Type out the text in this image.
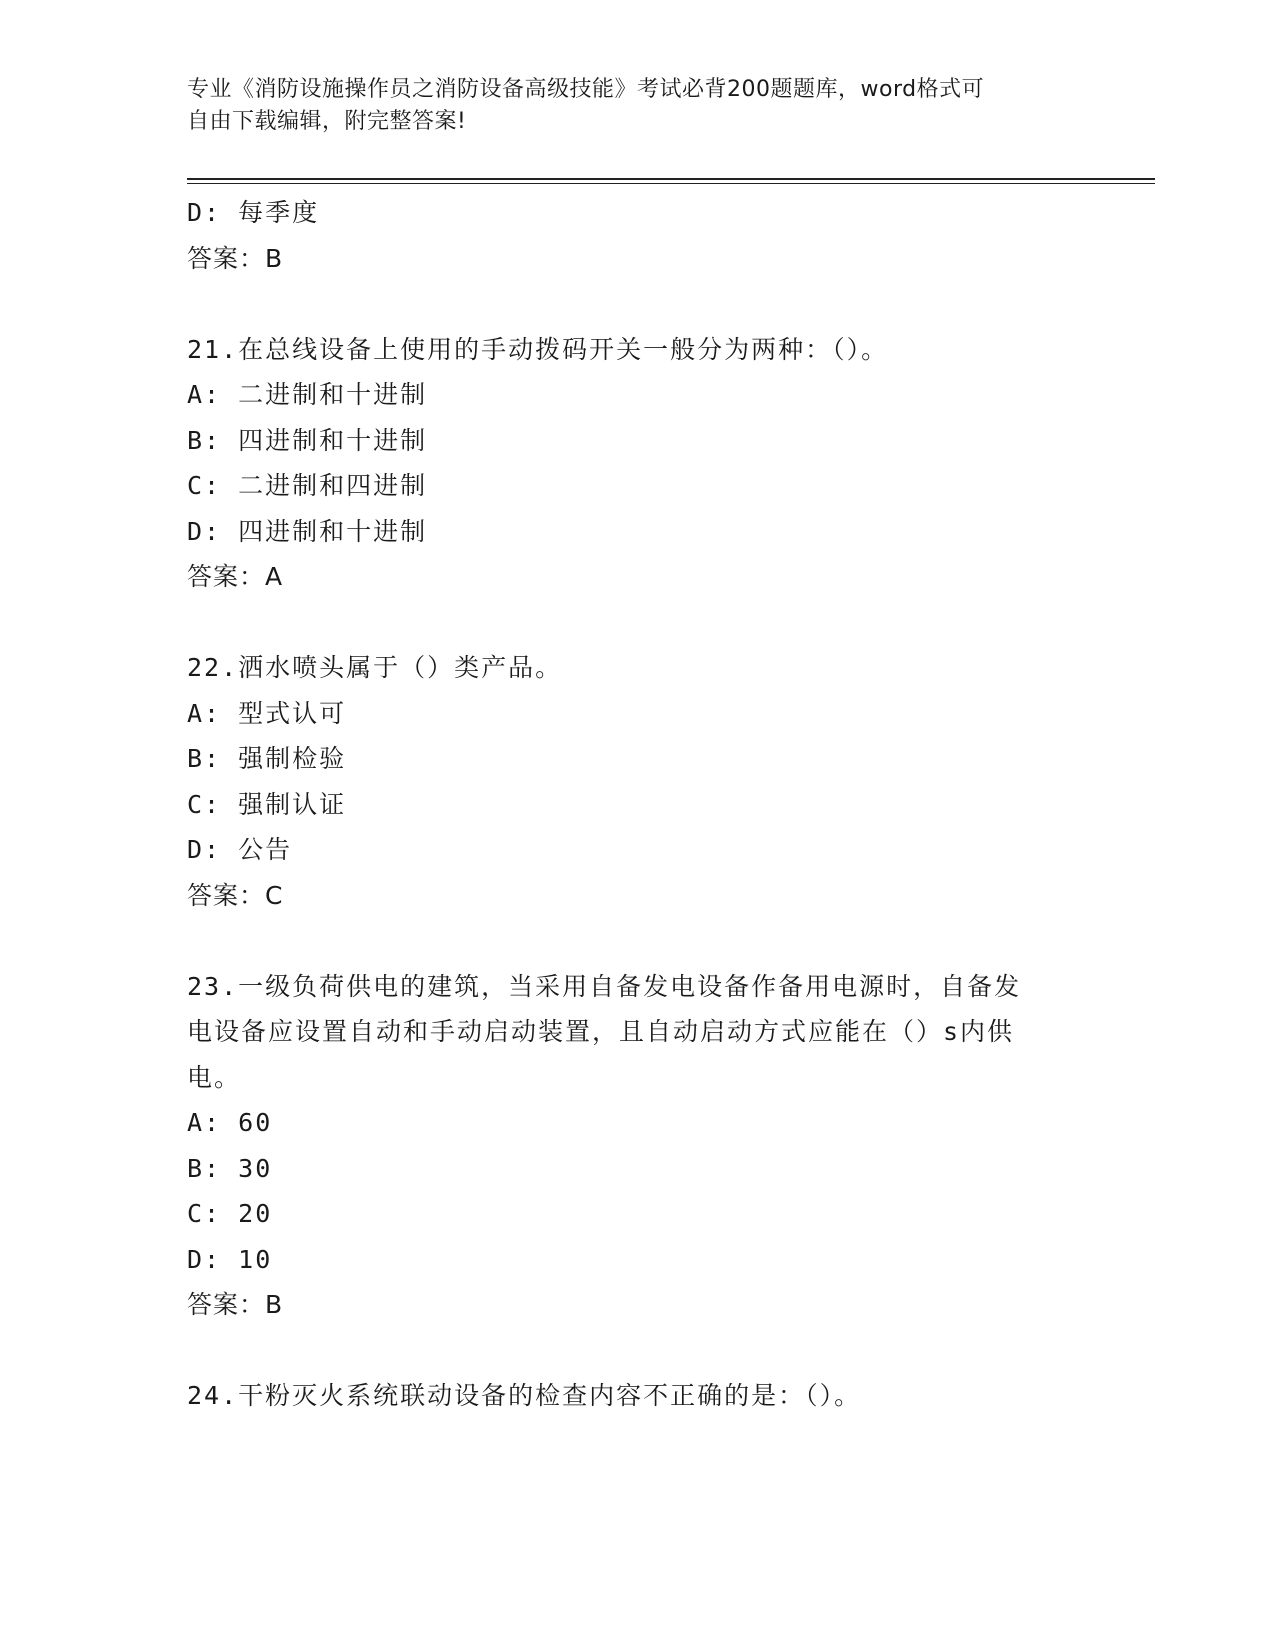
专业《消防设施操作员之消防设备高级技能》考试必背200题题库，word格式可
自由下载编辑，附完整答案!
D: 每季度
答案：B
21.在总线设备上使用的手动拨码开关一般分为两种：（）。
A: 二进制和十进制
B: 四进制和十进制
C: 二进制和四进制
D: 四进制和十进制
答案：A
22.洒水喷头属于（）类产品。
A: 型式认可
B: 强制检验
C: 强制认证
D: 公告
答案：C
23.一级负荷供电的建筑，当采用自备发电设备作备用电源时，自备发
电设备应设置自动和手动启动装置，且自动启动方式应能在（）s内供
电。
A: 60
B: 30
C: 20
D: 10
答案：B
24.干粉灭火系统联动设备的检查内容不正确的是：（）。
